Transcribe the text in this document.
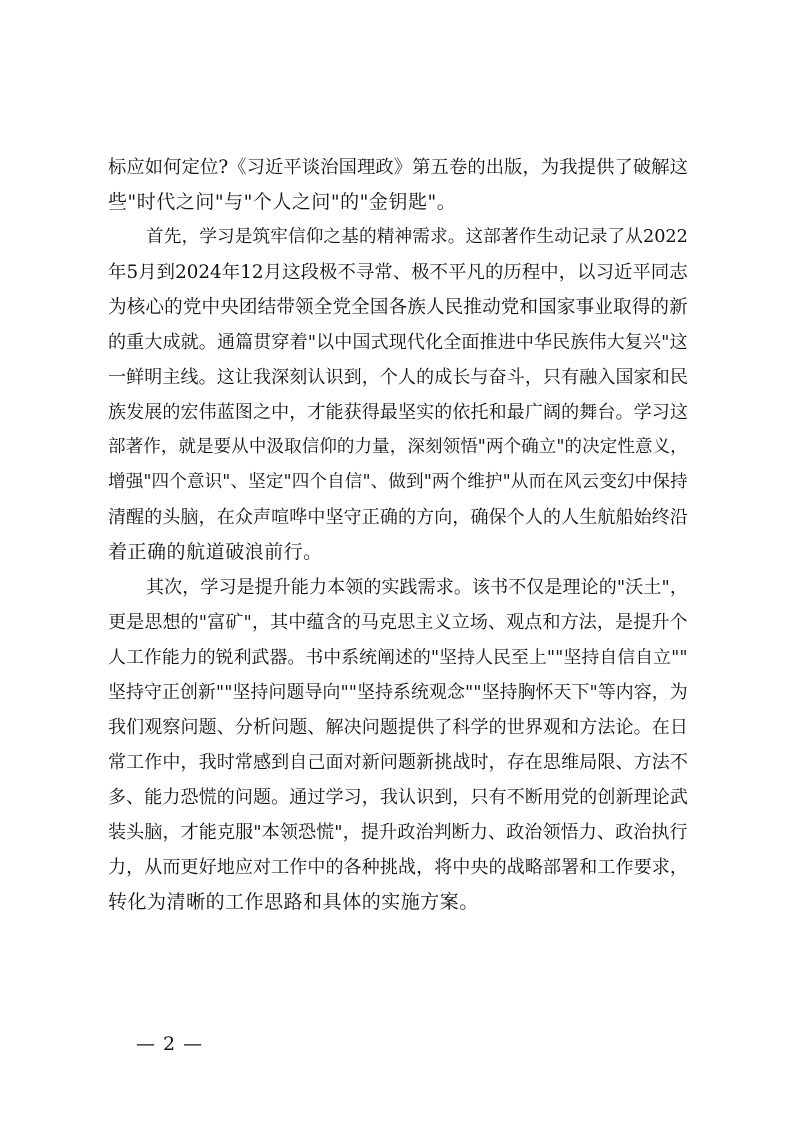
标 应 如 何 定 位 ? 《 习 近 平 谈 治 国 理 政 》 第 五 卷 的 出 版 ， 为 我 提 供 了 破 解 这
些 " 时 代 之 问 " 与 " 个 人 之 问 " 的 " 金 钥 匙 " 。
首 先 ， 学 习 是 筑 牢 信 仰 之 基 的 精 神 需 求 。 这 部 著 作 生 动 记 录 了 从 2022
年 5 月 到 2024 年 12 月 这 段 极 不 寻 常 、 极 不 平 凡 的 历 程 中 ， 以 习 近 平 同 志
为 核 心 的 党 中 央 团 结 带 领 全 党 全 国 各 族 人 民 推 动 党 和 国 家 事 业 取 得 的 新
的 重 大 成 就 。 通 篇 贯 穿 着 " 以 中 国 式 现 代 化 全 面 推 进 中 华 民 族 伟 大 复 兴 " 这
一 鲜 明 主 线 。 这 让 我 深 刻 认 识 到 ， 个 人 的 成 长 与 奋 斗 ， 只 有 融 入 国 家 和 民
族 发 展 的 宏 伟 蓝 图 之 中 ， 才 能 获 得 最 坚 实 的 依 托 和 最 广 阔 的 舞 台 。 学 习 这
部 著 作 ， 就 是 要 从 中 汲 取 信 仰 的 力 量 ， 深 刻 领 悟 " 两 个 确 立 " 的 决 定 性 意 义 ，
增 强 " 四 个 意 识 " 、 坚 定 " 四 个 自 信 " 、 做 到 " 两 个 维 护 " 从 而 在 风 云 变 幻 中 保 持
清 醒 的 头 脑 ， 在 众 声 喧 哗 中 坚 守 正 确 的 方 向 ， 确 保 个 人 的 人 生 航 船 始 终 沿
着 正 确 的 航 道 破 浪 前 行 。
其 次 ， 学 习 是 提 升 能 力 本 领 的 实 践 需 求 。 该 书 不 仅 是 理 论 的 " 沃 土 " ，
更 是 思 想 的 " 富 矿 " ， 其 中 蕴 含 的 马 克 思 主 义 立 场 、 观 点 和 方 法 ， 是 提 升 个
人 工 作 能 力 的 锐 利 武 器 。 书 中 系 统 阐 述 的 " 坚 持 人 民 至 上 " " 坚 持 自 信 自 立 " "
坚 持 守 正 创 新 " " 坚 持 问 题 导 向 " " 坚 持 系 统 观 念 " " 坚 持 胸 怀 天 下 " 等 内 容 ， 为
我 们 观 察 问 题 、 分 析 问 题 、 解 决 问 题 提 供 了 科 学 的 世 界 观 和 方 法 论 。 在 日
常 工 作 中 ， 我 时 常 感 到 自 己 面 对 新 问 题 新 挑 战 时 ， 存 在 思 维 局 限 、 方 法 不
多 、 能 力 恐 慌 的 问 题 。 通 过 学 习 ， 我 认 识 到 ， 只 有 不 断 用 党 的 创 新 理 论 武
装 头 脑 ， 才 能 克 服 " 本 领 恐 慌 " ， 提 升 政 治 判 断 力 、 政 治 领 悟 力 、 政 治 执 行
力 ， 从 而 更 好 地 应 对 工 作 中 的 各 种 挑 战 ， 将 中 央 的 战 略 部 署 和 工 作 要 求 ，
转 化 为 清 晰 的 工 作 思 路 和 具 体 的 实 施 方 案 。
— 2 —
